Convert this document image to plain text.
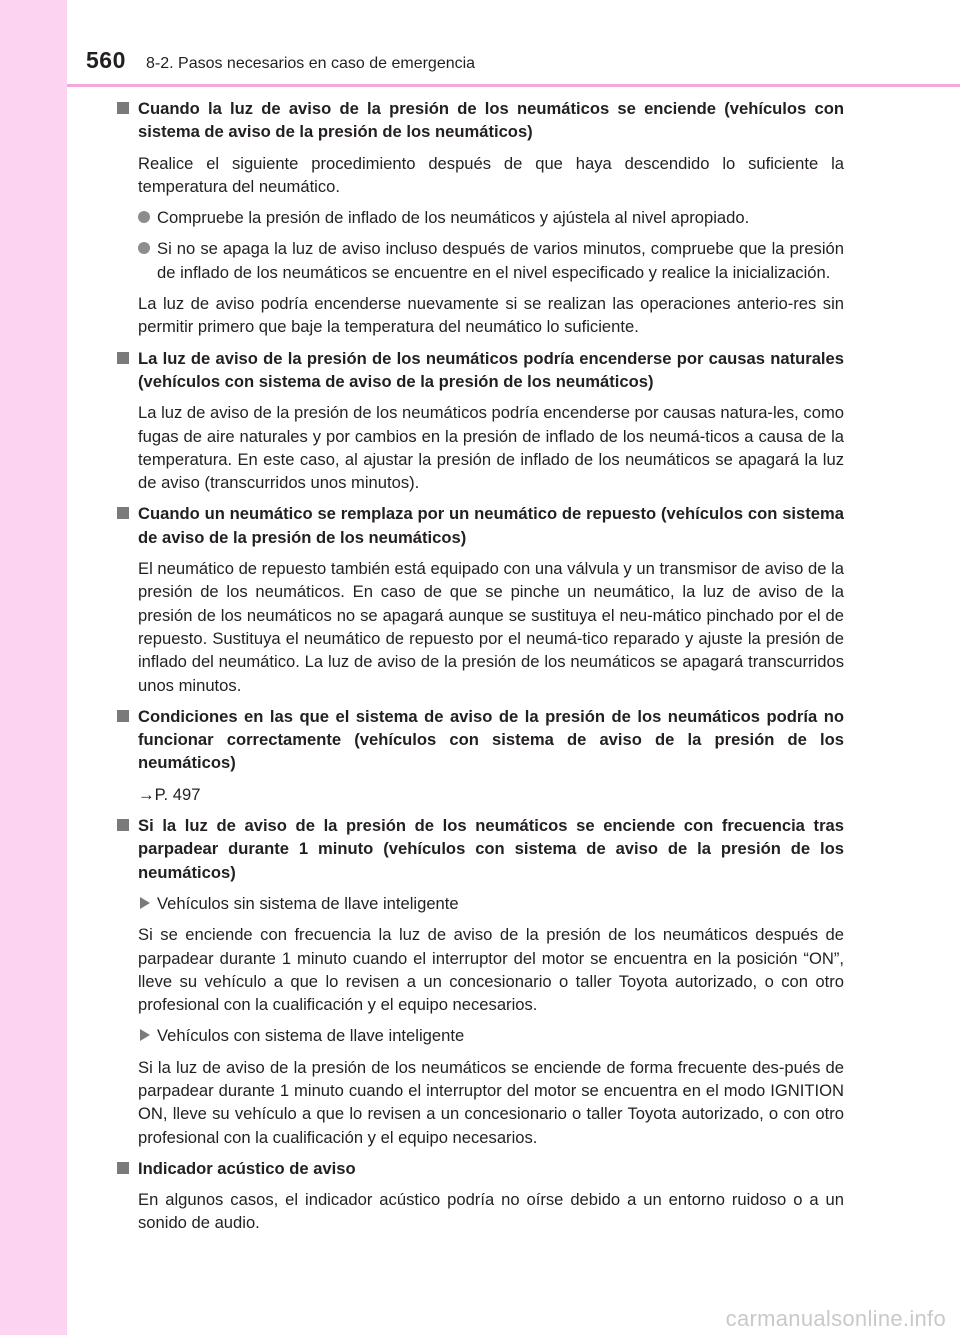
560 8-2. Pasos necesarios en caso de emergencia
Cuando la luz de aviso de la presión de los neumáticos se enciende (vehículos con sistema de aviso de la presión de los neumáticos)
Realice el siguiente procedimiento después de que haya descendido lo suficiente la temperatura del neumático.
Compruebe la presión de inflado de los neumáticos y ajústela al nivel apropiado.
Si no se apaga la luz de aviso incluso después de varios minutos, compruebe que la presión de inflado de los neumáticos se encuentre en el nivel especificado y realice la inicialización.
La luz de aviso podría encenderse nuevamente si se realizan las operaciones anterio-res sin permitir primero que baje la temperatura del neumático lo suficiente.
La luz de aviso de la presión de los neumáticos podría encenderse por causas naturales (vehículos con sistema de aviso de la presión de los neumáticos)
La luz de aviso de la presión de los neumáticos podría encenderse por causas natura-les, como fugas de aire naturales y por cambios en la presión de inflado de los neumá-ticos a causa de la temperatura. En este caso, al ajustar la presión de inflado de los neumáticos se apagará la luz de aviso (transcurridos unos minutos).
Cuando un neumático se remplaza por un neumático de repuesto (vehículos con sistema de aviso de la presión de los neumáticos)
El neumático de repuesto también está equipado con una válvula y un transmisor de aviso de la presión de los neumáticos. En caso de que se pinche un neumático, la luz de aviso de la presión de los neumáticos no se apagará aunque se sustituya el neu-mático pinchado por el de repuesto. Sustituya el neumático de repuesto por el neumá-tico reparado y ajuste la presión de inflado del neumático. La luz de aviso de la presión de los neumáticos se apagará transcurridos unos minutos.
Condiciones en las que el sistema de aviso de la presión de los neumáticos podría no funcionar correctamente (vehículos con sistema de aviso de la presión de los neumáticos)
→P. 497
Si la luz de aviso de la presión de los neumáticos se enciende con frecuencia tras parpadear durante 1 minuto (vehículos con sistema de aviso de la presión de los neumáticos)
Vehículos sin sistema de llave inteligente
Si se enciende con frecuencia la luz de aviso de la presión de los neumáticos después de parpadear durante 1 minuto cuando el interruptor del motor se encuentra en la posición “ON”, lleve su vehículo a que lo revisen a un concesionario o taller Toyota autorizado, o con otro profesional con la cualificación y el equipo necesarios.
Vehículos con sistema de llave inteligente
Si la luz de aviso de la presión de los neumáticos se enciende de forma frecuente des-pués de parpadear durante 1 minuto cuando el interruptor del motor se encuentra en el modo IGNITION ON, lleve su vehículo a que lo revisen a un concesionario o taller Toyota autorizado, o con otro profesional con la cualificación y el equipo necesarios.
Indicador acústico de aviso
En algunos casos, el indicador acústico podría no oírse debido a un entorno ruidoso o a un sonido de audio.
carmanualsonline.info
